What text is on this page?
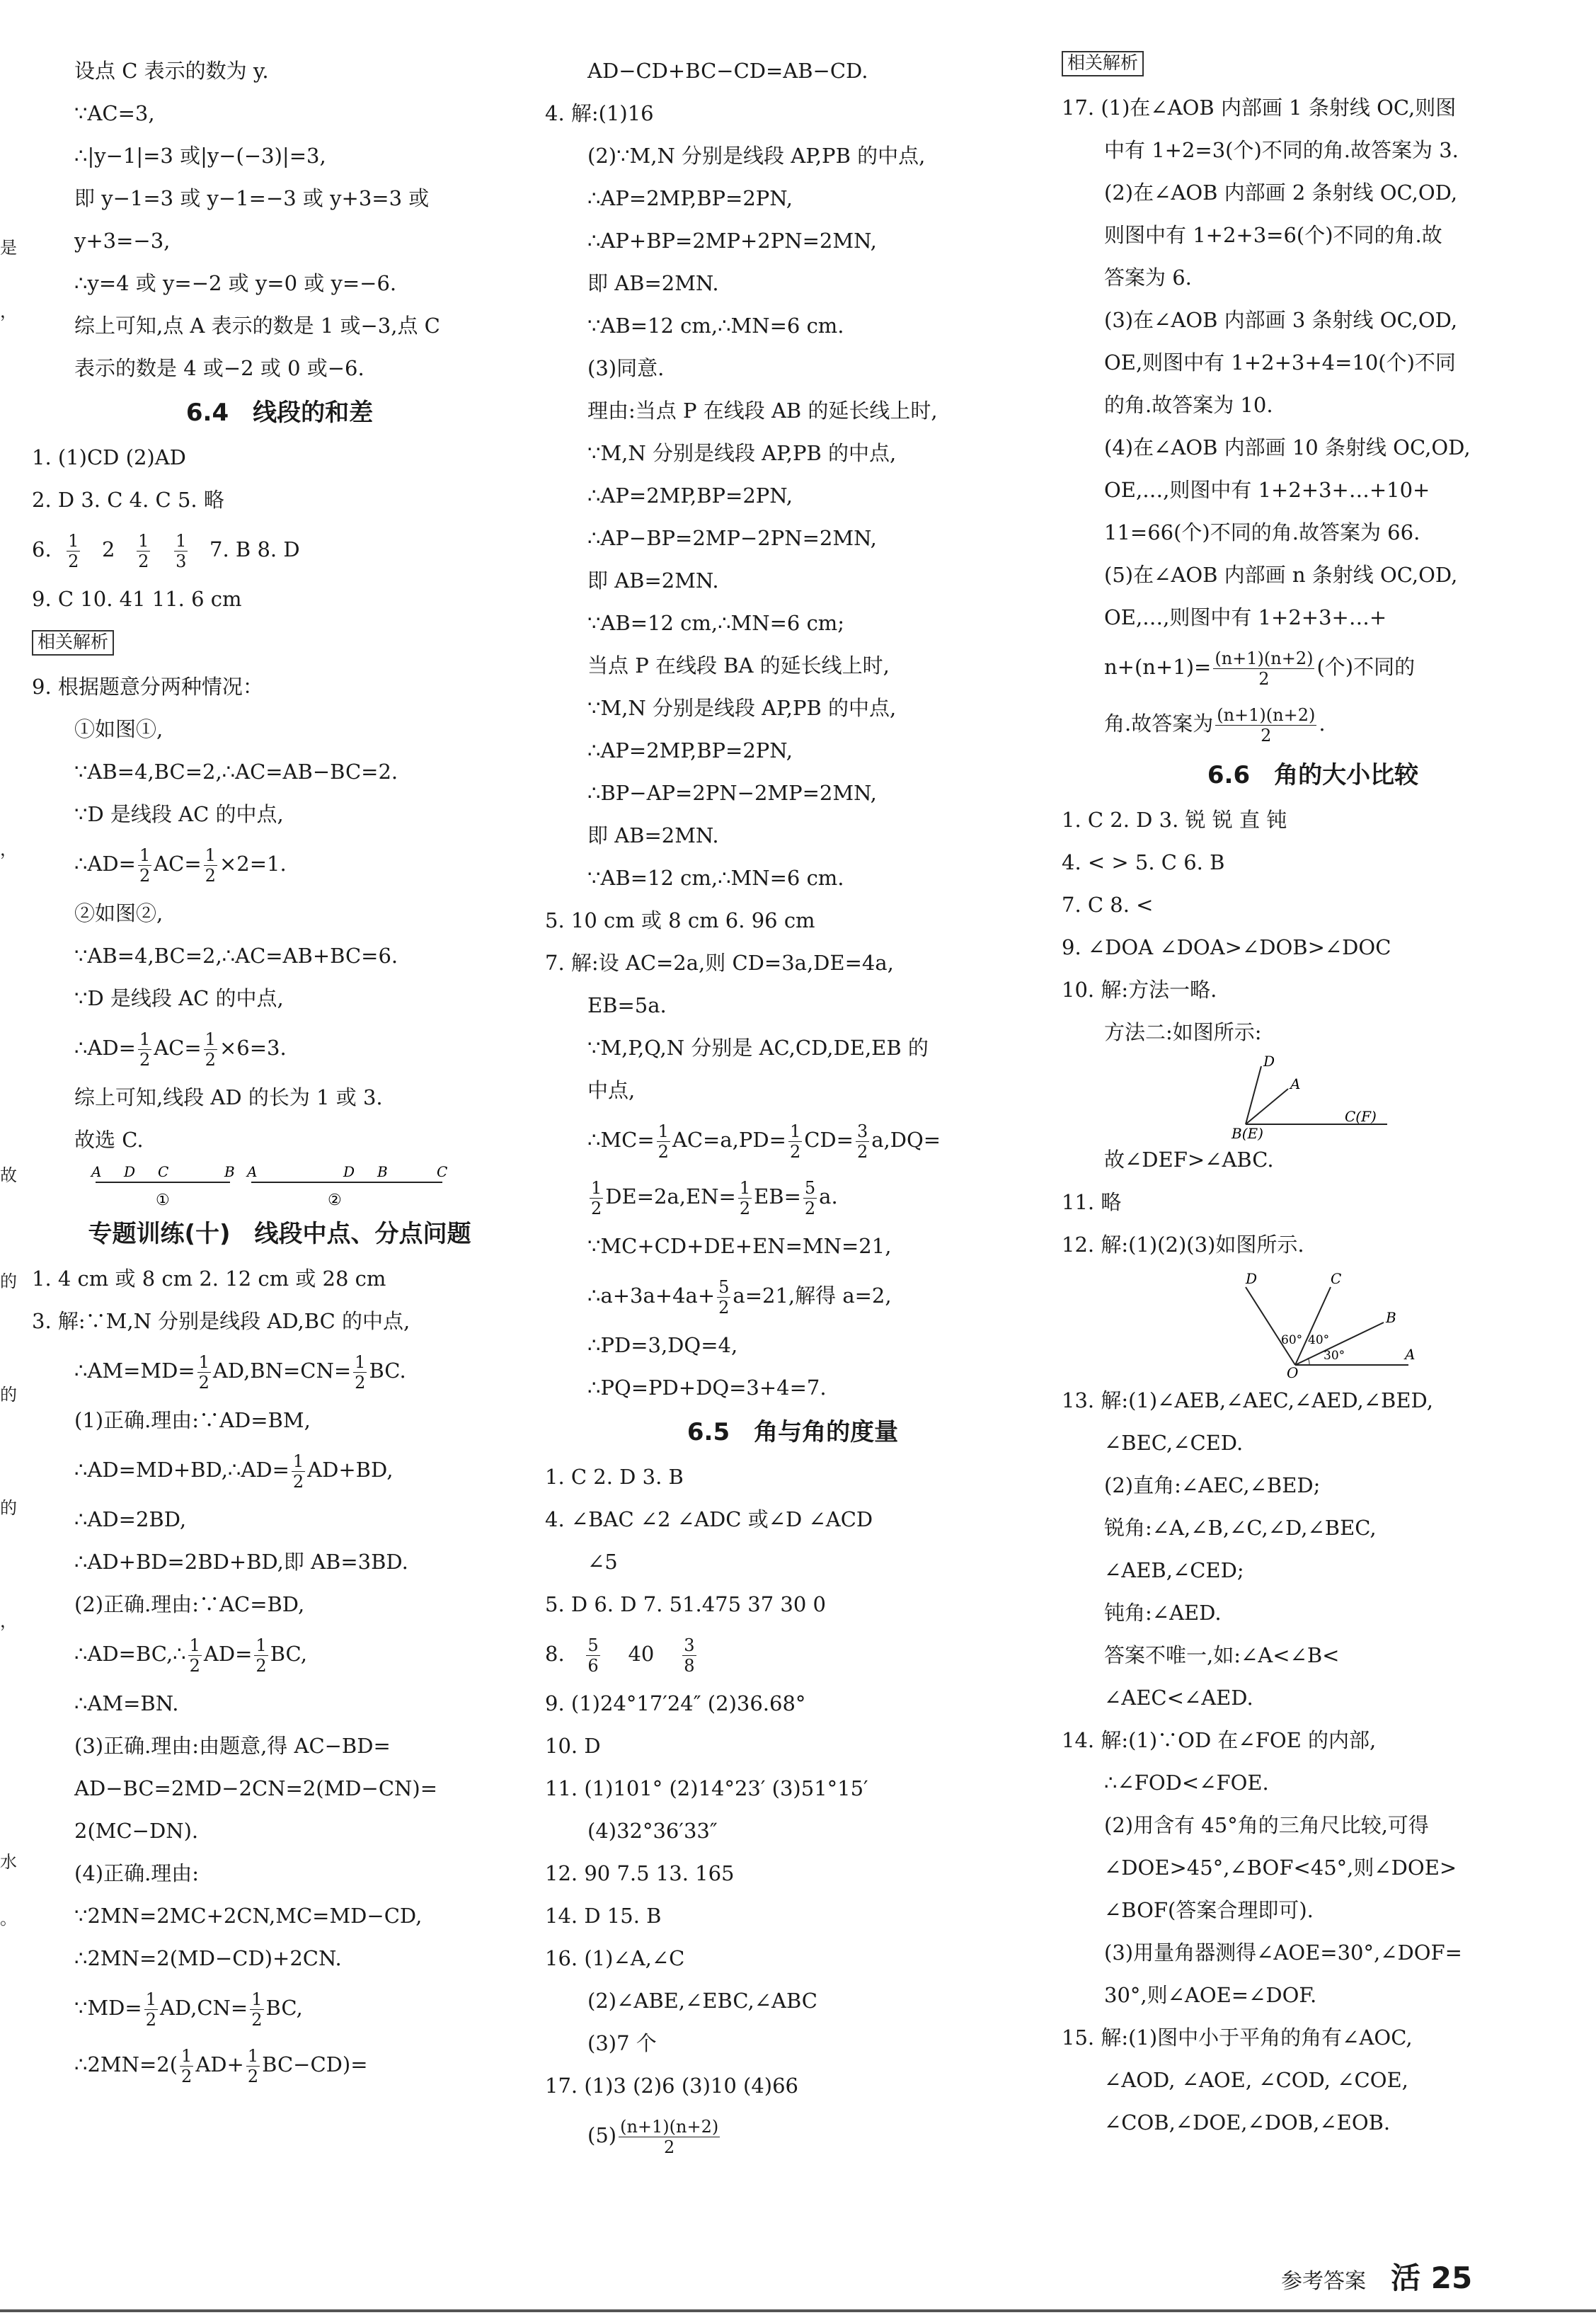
是
，
，
故
的
的
的
，
水
。
设点 C 表示的数为 y.
∵AC=3,
∴|y−1|=3 或|y−(−3)|=3,
即 y−1=3 或 y−1=−3 或 y+3=3 或
y+3=−3,
∴y=4 或 y=−2 或 y=0 或 y=−6.
综上可知,点 A 表示的数是 1 或−3,点 C
表示的数是 4 或−2 或 0 或−6.
6.4　线段的和差
1. (1)CD (2)AD
2. D 3. C 4. C 5. 略
6. $\frac{1}{2} 2 \frac{1}{2}$
$\frac{1}{3} 7$. B 8. D
9. C 10. 41 11. 6 cm
相关解析
9. 根据题意分两种情况：
①如图①,
∵AB=4,BC=2,∴AC=AB−BC=2.
∵D 是线段 AC 的中点,
∴AD= $\frac{1}{2} AC= \frac{1}{2} \times 2=1$.
②如图②,
∵AB=4,BC=2,∴AC=AB+BC=6.
∵D 是线段 AC 的中点,
∴AD= $\frac{1}{2} AC= \frac{1}{2} \times 6=3$.
综上可知,线段 AD 的长为 1 或 3.
故选 C.
A D C	B
①
A	D B	C
②
专题训练(十)　线段中点、分点问题
1. 4 cm 或 8 cm 2. 12 cm 或 28 cm
3. 解:∵M,N 分别是线段 AD,BC 的中点,
∴AM=MD= $\frac{1}{2} AD,BN=CN= \frac{1}{2}$ BC.
(1)正确.理由:∵AD=BM,
∴AD=MD+BD,∴AD= $\frac{1}{2} AD+BD$,
∴AD=2BD,
∴AD+BD=2BD+BD,即 AB=3BD.
(2)正确.理由:∵AC=BD,
∴AD=BC,∴ $\frac{1}{2} AD= \frac{1}{2}$ BC,
∴AM=BN.
(3)正确.理由:由题意,得 AC−BD=
AD−BC=2MD−2CN=2(MD−CN)=
2(MC−DN).
(4)正确.理由:
∵2MN=2MC+2CN,MC=MD−CD,
∴2MN=2(MD−CD)+2CN.
∵MD= $\frac{1}{2} AD,CN= \frac{1}{2}$ BC,
∴2MN=2( $\frac{1}{2} AD+ \frac{1}{2} BC-CD)=$
AD−CD+BC−CD=AB−CD.
4. 解:(1)16
(2)∵M,N 分别是线段 AP,PB 的中点,
∴AP=2MP,BP=2PN,
∴AP+BP=2MP+2PN=2MN,
即 AB=2MN.
∵AB=12 cm,∴MN=6 cm.
(3)同意.
理由:当点 P 在线段 AB 的延长线上时,
∵M,N 分别是线段 AP,PB 的中点,
∴AP=2MP,BP=2PN,
∴AP−BP=2MP−2PN=2MN,
即 AB=2MN.
∵AB=12 cm,∴MN=6 cm;
当点 P 在线段 BA 的延长线上时,
∵M,N 分别是线段 AP,PB 的中点,
∴AP=2MP,BP=2PN,
∴BP−AP=2PN−2MP=2MN,
即 AB=2MN.
∵AB=12 cm,∴MN=6 cm.
5. 10 cm 或 8 cm 6. 96 cm
7. 解:设 AC=2a,则 CD=3a,DE=4a,
EB=5a.
∵M,P,Q,N 分别是 AC,CD,DE,EB 的
中点,
∴MC= $\frac{1}{2} AC=a,PD= \frac{1}{2} CD= \frac{3}{2} a,DQ=$
$\frac{1}{2} DE=2a,EN= \frac{1}{2} EB= \frac{5}{2} a$.
∵MC+CD+DE+EN=MN=21,
∴a+3a+4a+ $\frac{5}{2} a=21$,解得 a=2,
∴PD=3,DQ=4,
∴PQ=PD+DQ=3+4=7.
6.5　角与角的度量
1. C 2. D 3. B
4. ∠BAC ∠2 ∠ADC 或∠D ∠ACD
∠5
5. D 6. D 7. 51.475 37 30 0
8. $\frac{5}{6} 40 \frac{3}{8}$
9. (1)24°17′24″ (2)36.68°
10. D
11. (1)101° (2)14°23′ (3)51°15′
(4)32°36′33″
12. 90 7.5 13. 165
14. D 15. B
16. (1)∠A,∠C
(2)∠ABE,∠EBC,∠ABC
(3)7 个
17. (1)3 (2)6 (3)10 (4)66
$(5) \frac{(n+1)(n+2)}{2}$
相关解析
17. (1)在∠AOB 内部画 1 条射线 OC,则图
中有 1+2=3(个)不同的角.故答案为 3.
(2)在∠AOB 内部画 2 条射线 OC,OD,
则图中有 1+2+3=6(个)不同的角.故
答案为 6.
(3)在∠AOB 内部画 3 条射线 OC,OD,
OE,则图中有 1+2+3+4=10(个)不同
的角.故答案为 10.
(4)在∠AOB 内部画 10 条射线 OC,OD,
OE,…,则图中有 1+2+3+…+10+
11=66(个)不同的角.故答案为 66.
(5)在∠AOB 内部画 n 条射线 OC,OD,
OE,…,则图中有 1+2+3+…+
$n+(n+1)= \frac{(n+1)(n+2)}{2}$ (个)不同的
角.故答案为 $\frac{(n+1)(n+2)}{2}$ .
6.6　角的大小比较
1. C 2. D 3. 锐 锐 直 钝
4. < > 5. C 6. B
7. C 8. <
9. ∠DOA ∠DOA>∠DOB>∠DOC
10. 解:方法一略.
方法二:如图所示:
D
A
B(E)
C(F)
故∠DEF>∠ABC.
11. 略
12. 解:(1)(2)(3)如图所示.
D	C
B
A
O
60° 40°
30°
13. 解:(1)∠AEB,∠AEC,∠AED,∠BED,
∠BEC,∠CED.
(2)直角:∠AEC,∠BED;
锐角:∠A,∠B,∠C,∠D,∠BEC,
∠AEB,∠CED;
钝角:∠AED.
答案不唯一,如:∠A<∠B<
∠AEC<∠AED.
14. 解:(1)∵OD 在∠FOE 的内部,
∴∠FOD<∠FOE.
(2)用含有 45°角的三角尺比较,可得
∠DOE>45°,∠BOF<45°,则∠DOE>
∠BOF(答案合理即可).
(3)用量角器测得∠AOE=30°,∠DOF=
30°,则∠AOE=∠DOF.
15. 解:(1)图中小于平角的角有∠AOC,
∠AOD, ∠AOE, ∠COD, ∠COE,
∠COB,∠DOE,∠DOB,∠EOB.
参考答案 活 25
